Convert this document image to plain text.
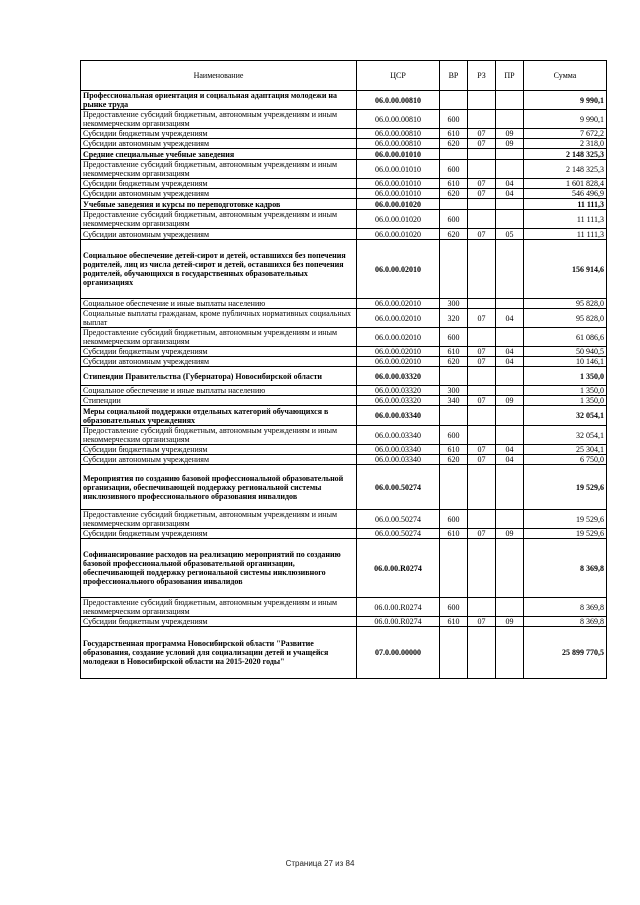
Наименование	ЦСР	ВР	РЗ	ПР	Сумма
Профессиональная ориентация и социальная адаптация молодежи на рынке труда	06.0.00.00810				9 990,1
Предоставление субсидий бюджетным, автономным учреждениям и иным некоммерческим организациям	06.0.00.00810	600			9 990,1
Субсидии бюджетным учреждениям	06.0.00.00810	610	07	09	7 672,2
Субсидии автономным учреждениям	06.0.00.00810	620	07	09	2 318,0
Средние специальные учебные заведения	06.0.00.01010				2 148 325,3
Предоставление субсидий бюджетным, автономным учреждениям и иным некоммерческим организациям	06.0.00.01010	600			2 148 325,3
Субсидии бюджетным учреждениям	06.0.00.01010	610	07	04	1 601 828,4
Субсидии автономным учреждениям	06.0.00.01010	620	07	04	546 496,9
Учебные заведения и курсы по переподготовке кадров	06.0.00.01020				11 111,3
Предоставление субсидий бюджетным, автономным учреждениям и иным некоммерческим организациям	06.0.00.01020	600			11 111,3
Субсидии автономным учреждениям	06.0.00.01020	620	07	05	11 111,3
Социальное обеспечение детей-сирот и детей, оставшихся без попечения родителей, лиц из числа детей-сирот и детей, оставшихся без попечения родителей, обучающихся в государственных образовательных организациях	06.0.00.02010				156 914,6
Социальное обеспечение и иные выплаты населению	06.0.00.02010	300			95 828,0
Социальные выплаты гражданам, кроме публичных нормативных социальных выплат	06.0.00.02010	320	07	04	95 828,0
Предоставление субсидий бюджетным, автономным учреждениям и иным некоммерческим организациям	06.0.00.02010	600			61 086,6
Субсидии бюджетным учреждениям	06.0.00.02010	610	07	04	50 940,5
Субсидии автономным учреждениям	06.0.00.02010	620	07	04	10 146,1
Стипендии Правительства (Губернатора) Новосибирской области	06.0.00.03320				1 350,0
Социальное обеспечение и иные выплаты населению	06.0.00.03320	300			1 350,0
Стипендии	06.0.00.03320	340	07	09	1 350,0
Меры социальной поддержки отдельных категорий обучающихся в образовательных учреждениях	06.0.00.03340				32 054,1
Предоставление субсидий бюджетным, автономным учреждениям и иным некоммерческим организациям	06.0.00.03340	600			32 054,1
Субсидии бюджетным учреждениям	06.0.00.03340	610	07	04	25 304,1
Субсидии автономным учреждениям	06.0.00.03340	620	07	04	6 750,0
Мероприятия по созданию базовой профессиональной образовательной организации, обеспечивающей поддержку региональной системы инклюзивного профессионального образования инвалидов	06.0.00.50274				19 529,6
Предоставление субсидий бюджетным, автономным учреждениям и иным некоммерческим организациям	06.0.00.50274	600			19 529,6
Субсидии бюджетным учреждениям	06.0.00.50274	610	07	09	19 529,6
Софинансирование расходов на реализацию мероприятий по созданию базовой профессиональной образовательной организации, обеспечивающей поддержку региональной системы инклюзивного профессионального образования инвалидов	06.0.00.R0274				8 369,8
Предоставление субсидий бюджетным, автономным учреждениям и иным некоммерческим организациям	06.0.00.R0274	600			8 369,8
Субсидии бюджетным учреждениям	06.0.00.R0274	610	07	09	8 369,8
Государственная программа Новосибирской области "Развитие образования, создание условий для социализации детей и учащейся молодежи в Новосибирской области на 2015-2020 годы"	07.0.00.00000				25 899 770,5
Страница 27 из 84
